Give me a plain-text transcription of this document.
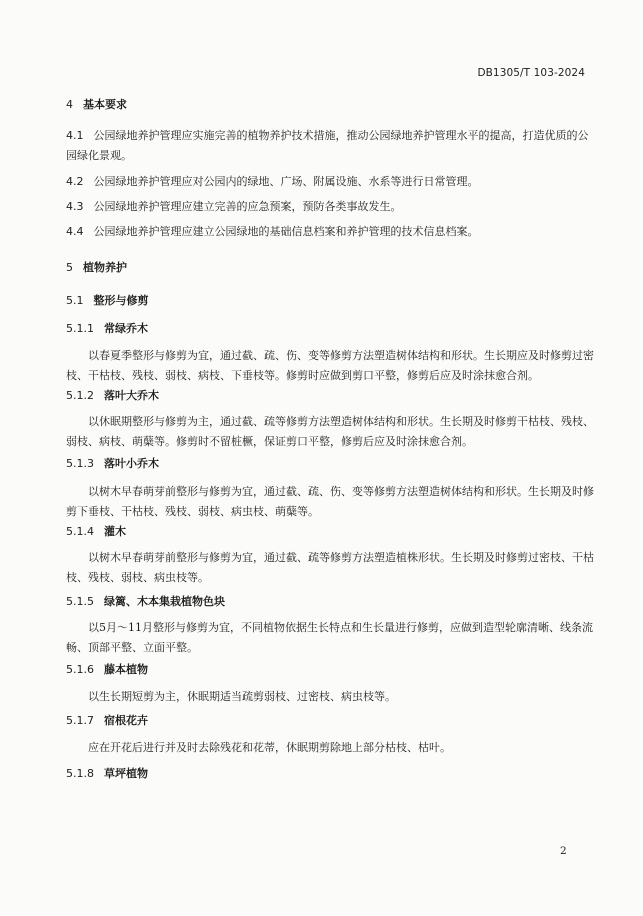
DB1305/T 103-2024
4 基本要求
4.1 公园绿地养护管理应实施完善的植物养护技术措施，推动公园绿地养护管理水平的提高，打造优质的公园绿化景观。
4.2 公园绿地养护管理应对公园内的绿地、广场、附属设施、水系等进行日常管理。
4.3 公园绿地养护管理应建立完善的应急预案，预防各类事故发生。
4.4 公园绿地养护管理应建立公园绿地的基础信息档案和养护管理的技术信息档案。
5 植物养护
5.1 整形与修剪
5.1.1 常绿乔木
以春夏季整形与修剪为宜，通过截、疏、伤、变等修剪方法塑造树体结构和形状。生长期应及时修剪过密枝、干枯枝、残枝、弱枝、病枝、下垂枝等。修剪时应做到剪口平整，修剪后应及时涂抹愈合剂。
5.1.2 落叶大乔木
以休眠期整形与修剪为主，通过截、疏等修剪方法塑造树体结构和形状。生长期及时修剪干枯枝、残枝、弱枝、病枝、萌蘖等。修剪时不留桩橛，保证剪口平整，修剪后应及时涂抹愈合剂。
5.1.3 落叶小乔木
以树木早春萌芽前整形与修剪为宜，通过截、疏、伤、变等修剪方法塑造树体结构和形状。生长期及时修剪下垂枝、干枯枝、残枝、弱枝、病虫枝、萌蘖等。
5.1.4 灌木
以树木早春萌芽前整形与修剪为宜，通过截、疏等修剪方法塑造植株形状。生长期及时修剪过密枝、干枯枝、残枝、弱枝、病虫枝等。
5.1.5 绿篱、木本集栽植物色块
以5月～11月整形与修剪为宜，不同植物依据生长特点和生长量进行修剪，应做到造型轮廓清晰、线条流畅、顶部平整、立面平整。
5.1.6 藤本植物
以生长期短剪为主，休眠期适当疏剪弱枝、过密枝、病虫枝等。
5.1.7 宿根花卉
应在开花后进行并及时去除残花和花蒂，休眠期剪除地上部分枯枝、枯叶。
5.1.8 草坪植物
2
